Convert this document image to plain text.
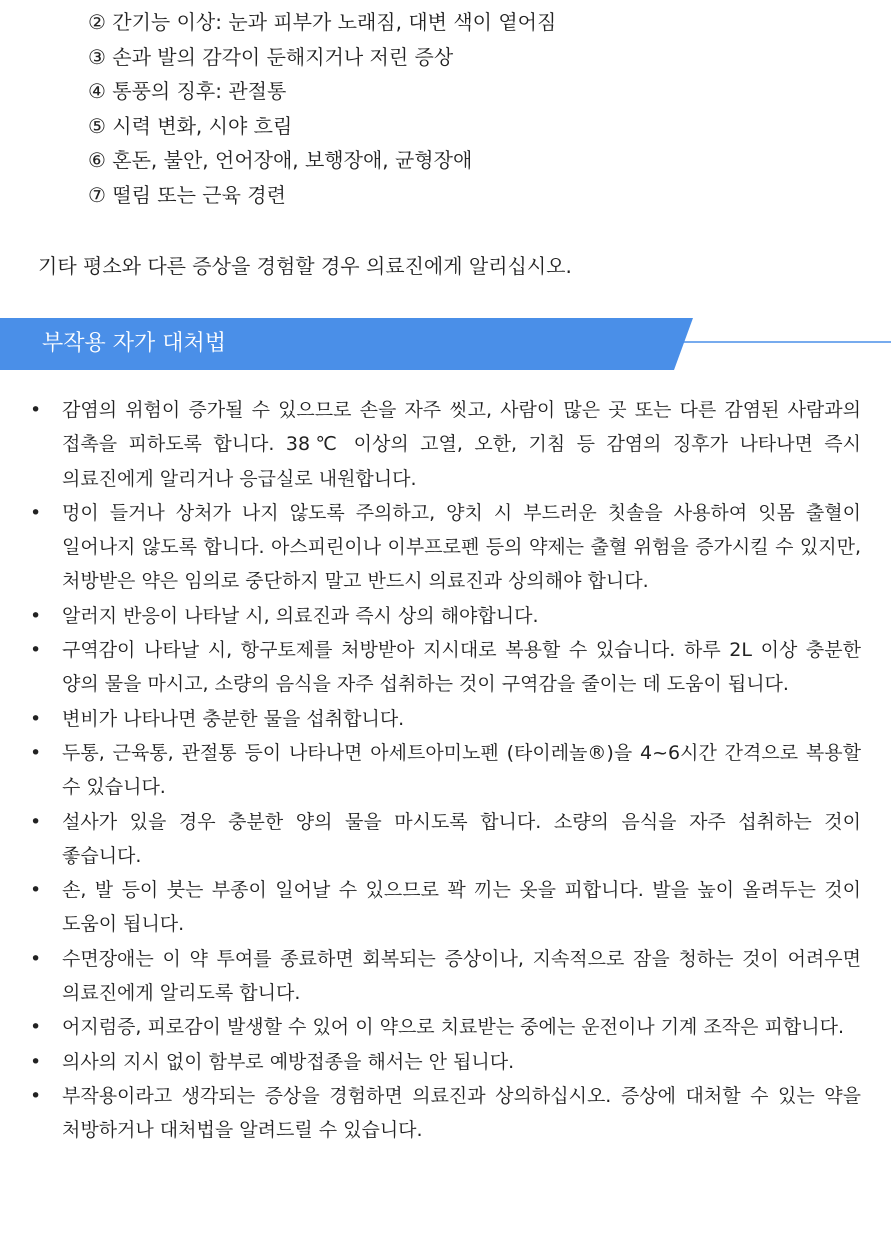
② 간기능 이상: 눈과 피부가 노래짐, 대변 색이 옅어짐
③ 손과 발의 감각이 둔해지거나 저린 증상
④ 통풍의 징후: 관절통
⑤ 시력 변화, 시야 흐림
⑥ 혼돈, 불안, 언어장애, 보행장애, 균형장애
⑦ 떨림 또는 근육 경련
기타 평소와 다른 증상을 경험할 경우 의료진에게 알리십시오.
부작용 자가 대처법
• 감염의 위험이 증가될 수 있으므로 손을 자주 씻고, 사람이 많은 곳 또는 다른 감염된 사람과의 접촉을 피하도록 합니다. 38℃ 이상의 고열, 오한, 기침 등 감염의 징후가 나타나면 즉시 의료진에게 알리거나 응급실로 내원합니다.
• 멍이 들거나 상처가 나지 않도록 주의하고, 양치 시 부드러운 칫솔을 사용하여 잇몸 출혈이 일어나지 않도록 합니다. 아스피린이나 이부프로펜 등의 약제는 출혈 위험을 증가시킬 수 있지만, 처방받은 약은 임의로 중단하지 말고 반드시 의료진과 상의해야 합니다.
• 알러지 반응이 나타날 시, 의료진과 즉시 상의 해야합니다.
• 구역감이 나타날 시, 항구토제를 처방받아 지시대로 복용할 수 있습니다. 하루 2L 이상 충분한 양의 물을 마시고, 소량의 음식을 자주 섭취하는 것이 구역감을 줄이는 데 도움이 됩니다.
• 변비가 나타나면 충분한 물을 섭취합니다.
• 두통, 근육통, 관절통 등이 나타나면 아세트아미노펜 (타이레놀®)을 4~6시간 간격으로 복용할 수 있습니다.
• 설사가 있을 경우 충분한 양의 물을 마시도록 합니다. 소량의 음식을 자주 섭취하는 것이 좋습니다.
• 손, 발 등이 붓는 부종이 일어날 수 있으므로 꽉 끼는 옷을 피합니다. 발을 높이 올려두는 것이 도움이 됩니다.
• 수면장애는 이 약 투여를 종료하면 회복되는 증상이나, 지속적으로 잠을 청하는 것이 어려우면 의료진에게 알리도록 합니다.
• 어지럼증, 피로감이 발생할 수 있어 이 약으로 치료받는 중에는 운전이나 기계 조작은 피합니다.
• 의사의 지시 없이 함부로 예방접종을 해서는 안 됩니다.
• 부작용이라고 생각되는 증상을 경험하면 의료진과 상의하십시오. 증상에 대처할 수 있는 약을 처방하거나 대처법을 알려드릴 수 있습니다.
